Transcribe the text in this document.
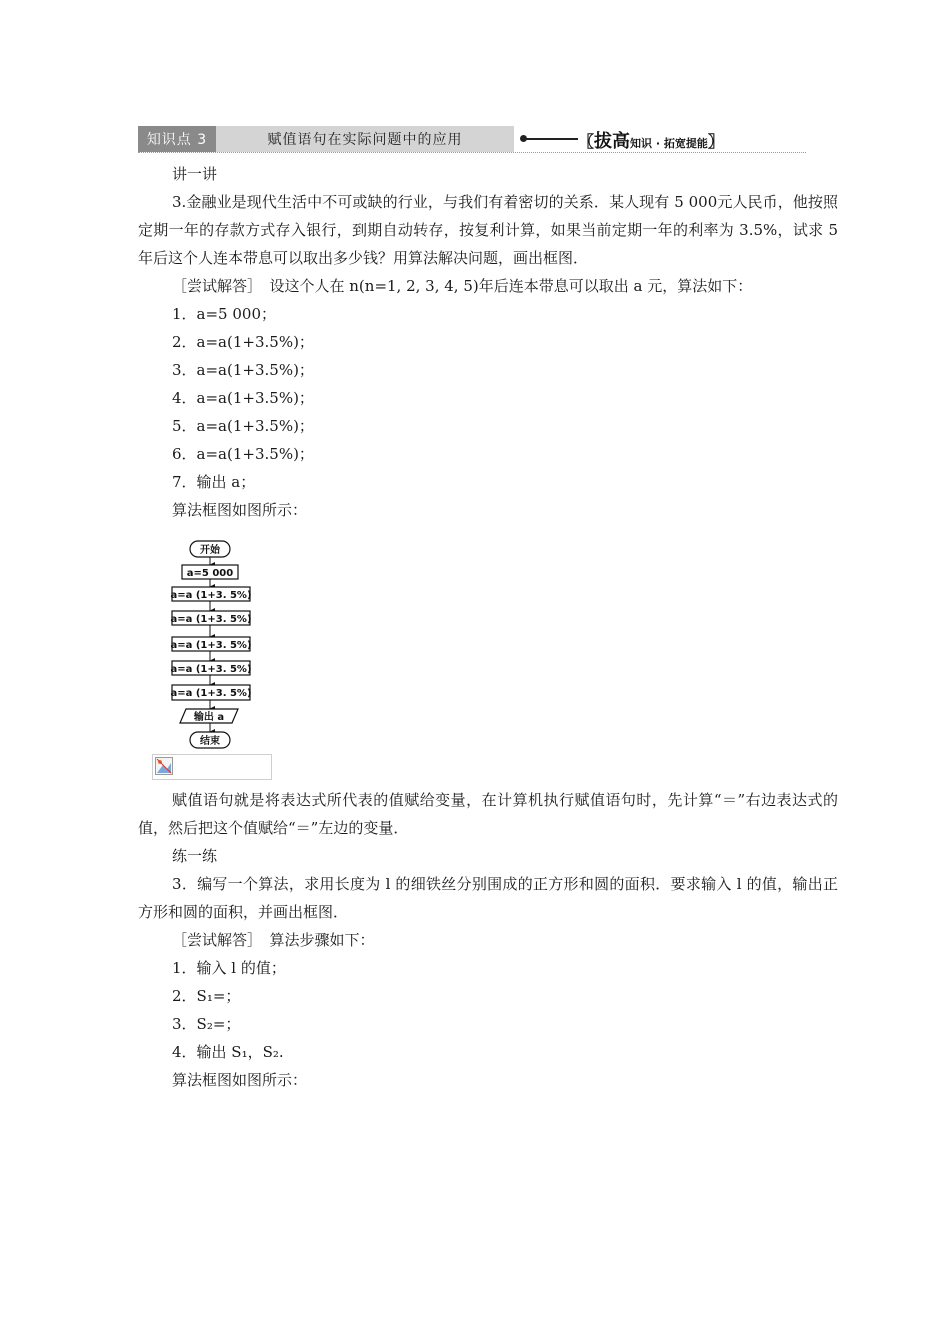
知识点 3	赋值语句在实际问题中的应用	〖拔高知识 · 拓宽提能〗
讲一讲
3.金融业是现代生活中不可或缺的行业，与我们有着密切的关系．某人现有 5 000元人民币，他按照定期一年的存款方式存入银行，到期自动转存，按复利计算，如果当前定期一年的利率为 3.5%，试求 5 年后这个人连本带息可以取出多少钱？用算法解决问题，画出框图．
［尝试解答］　设这个人在 n(n=1, 2, 3, 4, 5)年后连本带息可以取出 a 元，算法如下：
1．a=5 000；
2．a=a(1+3.5%)；
3．a=a(1+3.5%)；
4．a=a(1+3.5%)；
5．a=a(1+3.5%)；
6．a=a(1+3.5%)；
7．输出 a；
算法框图如图所示：
开始
a=5 000
a=a (1+3. 5%)
a=a (1+3. 5%)
a=a (1+3. 5%)
a=a (1+3. 5%)
a=a (1+3. 5%)
输出 a
结束
赋值语句就是将表达式所代表的值赋给变量，在计算机执行赋值语句时，先计算“＝”右边表达式的值，然后把这个值赋给“＝”左边的变量．
练一练
3．编写一个算法，求用长度为 l 的细铁丝分别围成的正方形和圆的面积．要求输入 l 的值，输出正方形和圆的面积，并画出框图．
［尝试解答］　算法步骤如下：
1．输入 l 的值；
2．S₁=；
3．S₂=；
4．输出 S₁，S₂.
算法框图如图所示：
